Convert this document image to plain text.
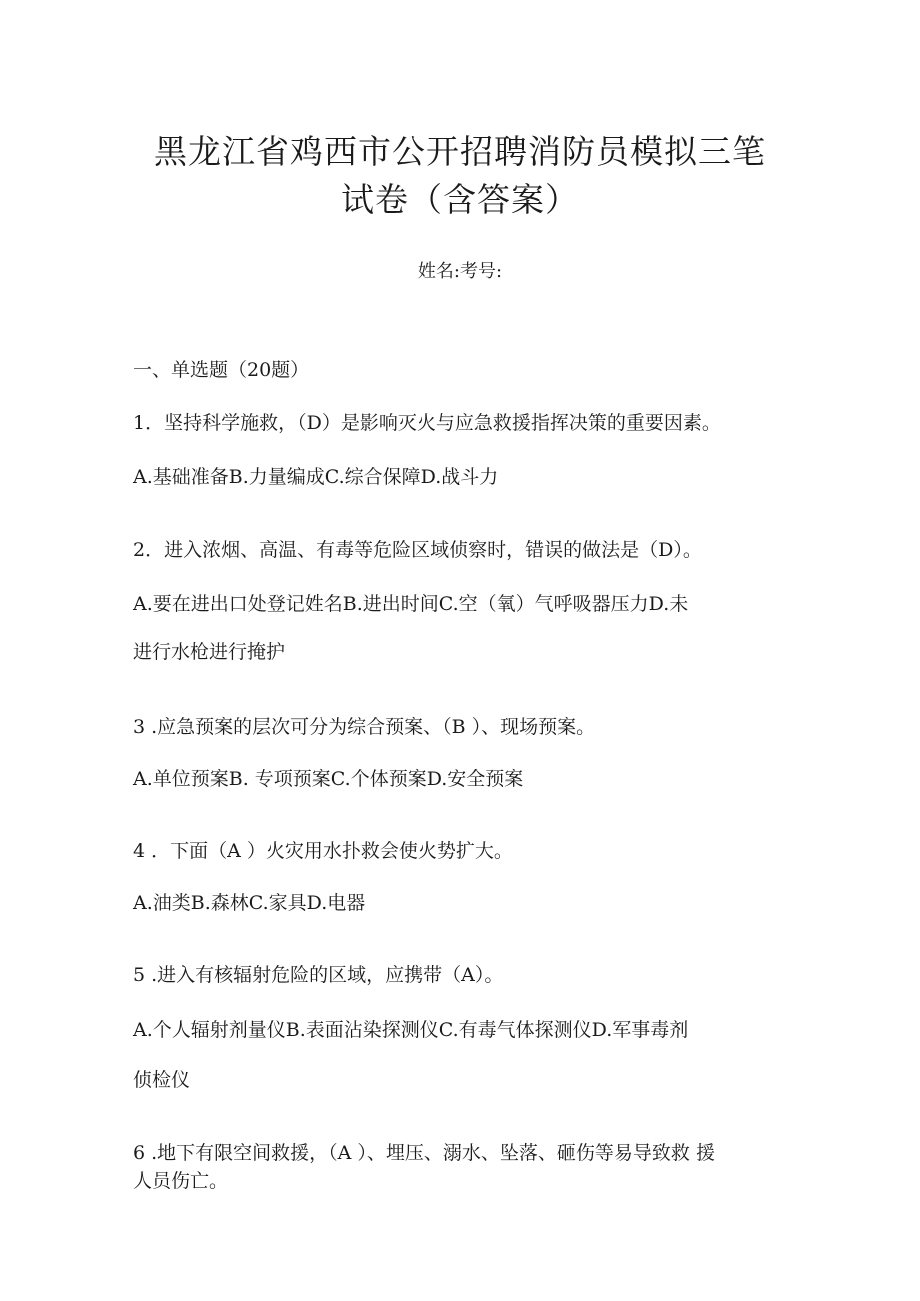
黑龙江省鸡西市公开招聘消防员模拟三笔
试卷（含答案）
姓名:考号:
一、单选题（20题）
1．坚持科学施救，（D）是影响灭火与应急救援指挥决策的重要因素。
A.基础准备B.力量编成C.综合保障D.战斗力
2．进入浓烟、高温、有毒等危险区域侦察时，错误的做法是（D）。
A.要在进出口处登记姓名B.进出时间C.空（氧）气呼吸器压力D.未
进行水枪进行掩护
3 .应急预案的层次可分为综合预案、（B ）、现场预案。
A.单位预案B. 专项预案C.个体预案D.安全预案
4 ．下面（A ）火灾用水扑救会使火势扩大。
A.油类B.森林C.家具D.电器
5 .进入有核辐射危险的区域，应携带（A）。
A.个人辐射剂量仪B.表面沾染探测仪C.有毒气体探测仪D.军事毒剂
侦检仪
6 .地下有限空间救援，（A ）、埋压、溺水、坠落、砸伤等易导致救 援
人员伤亡。
